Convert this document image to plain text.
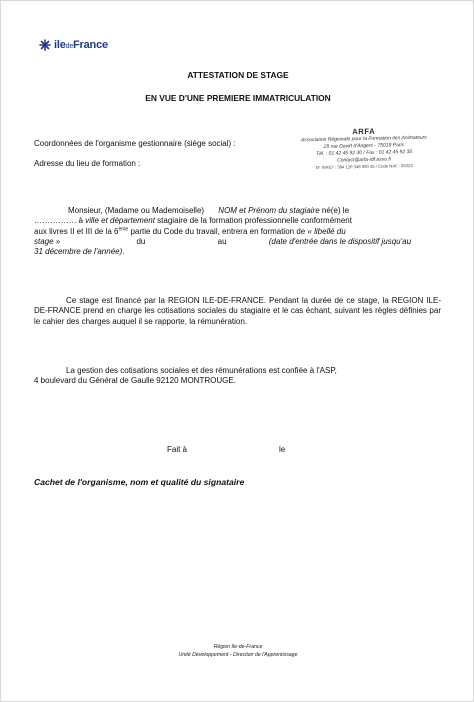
iledeFrance
ATTESTATION DE STAGE
EN VUE D'UNE PREMIERE IMMATRICULATION
Coordonnées de l'organisme gestionnaire (siège social) :
Adresse du lieu de formation :
ARFA
Association Régionale pour la Formation des Animateurs
29 rue David d'Angers - 75019 Paris
Tél. : 01 42 45 92 30 / Fax : 01 42 45 92 35
Contact@arfa-idf.asso.fr
N° SIRET : 394 120 348 000 35 / Code NAF : 8532Z
Monsieur, (Madame ou Mademoiselle) NOM et Prénom du stagiaire né(e) le
……………. à ville et département stagiaire de la formation professionnelle conformément
aux livres II et III de la 6ème partie du Code du travail, entrera en formation de « libellé du
stage »	du	au	(date d'entrée dans le dispositif jusqu'au
31 décembre de l'année).
Ce stage est financé par la REGION ILE-DE-FRANCE. Pendant la durée de ce stage, la REGION ILE-DE-FRANCE prend en charge les cotisations sociales du stagiaire et le cas échant, suivant les règles définies par le cahier des charges auquel il se rapporte, la rémunération.
La gestion des cotisations sociales et des rémunérations est confiée à l'ASP,
4 boulevard du Général de Gaulle 92120 MONTROUGE.
Fait à	le
Cachet de l'organisme, nom et qualité du signataire
Région Ile-de-France
Unité Développement - Direction de l'Apprentissage
